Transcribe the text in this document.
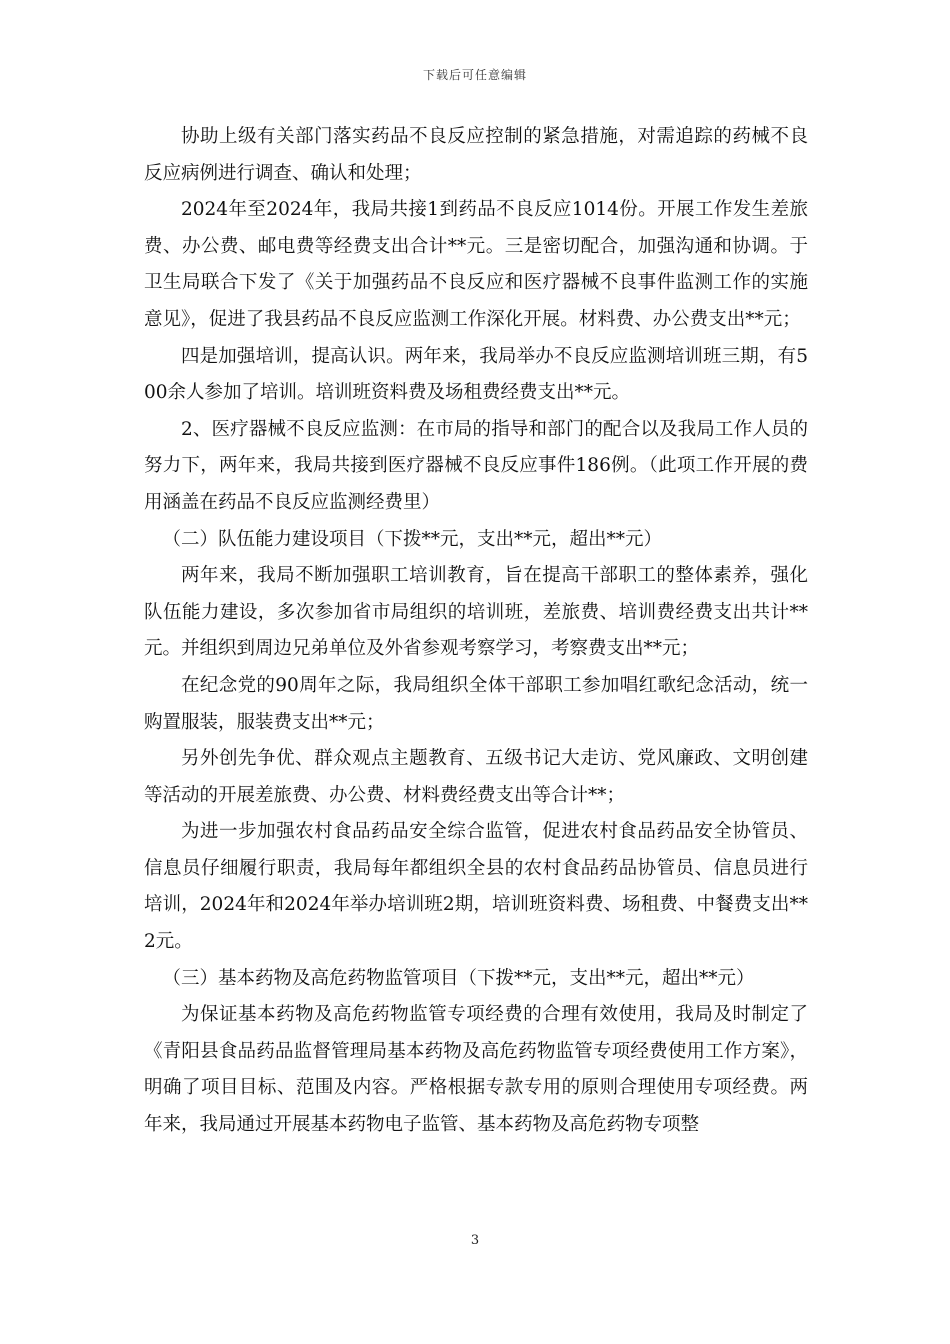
下载后可任意编辑

协助上级有关部门落实药品不良反应控制的紧急措施，对需追踪的药械不良反应病例进行调查、确认和处理；

2024年至2024年，我局共接1到药品不良反应1014份。开展工作发生差旅费、办公费、邮电费等经费支出合计**元。三是密切配合，加强沟通和协调。于卫生局联合下发了《关于加强药品不良反应和医疗器械不良事件监测工作的实施意见》，促进了我县药品不良反应监测工作深化开展。材料费、办公费支出**元；

四是加强培训，提高认识。两年来，我局举办不良反应监测培训班三期，有500余人参加了培训。培训班资料费及场租费经费支出**元。

2、医疗器械不良反应监测：在市局的指导和部门的配合以及我局工作人员的努力下，两年来，我局共接到医疗器械不良反应事件186例。（此项工作开展的费用涵盖在药品不良反应监测经费里）

（二）队伍能力建设项目（下拨**元，支出**元，超出**元）

两年来，我局不断加强职工培训教育，旨在提高干部职工的整体素养，强化队伍能力建设，多次参加省市局组织的培训班，差旅费、培训费经费支出共计**元。并组织到周边兄弟单位及外省参观考察学习，考察费支出**元；

在纪念党的90周年之际，我局组织全体干部职工参加唱红歌纪念活动，统一购置服装，服装费支出**元；

另外创先争优、群众观点主题教育、五级书记大走访、党风廉政、文明创建等活动的开展差旅费、办公费、材料费经费支出等合计**；

为进一步加强农村食品药品安全综合监管，促进农村食品药品安全协管员、信息员仔细履行职责，我局每年都组织全县的农村食品药品协管员、信息员进行培训，2024年和2024年举办培训班2期，培训班资料费、场租费、中餐费支出**2元。

（三）基本药物及高危药物监管项目（下拨**元，支出**元，超出**元）

为保证基本药物及高危药物监管专项经费的合理有效使用，我局及时制定了《青阳县食品药品监督管理局基本药物及高危药物监管专项经费使用工作方案》，明确了项目目标、范围及内容。严格根据专款专用的原则合理使用专项经费。两年来，我局通过开展基本药物电子监管、基本药物及高危药物专项整

3
